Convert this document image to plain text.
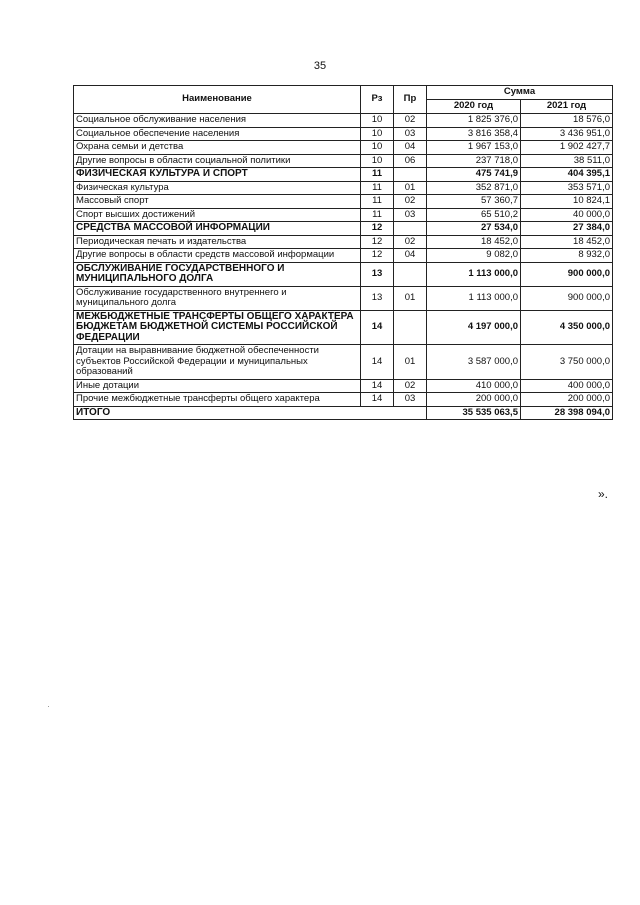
35
Наименование	Рз	Пр	Сумма	
			2020 год	2021 год
Социальное обслуживание населения	10	02	1 825 376,0	18 576,0
Социальное обеспечение населения	10	03	3 816 358,4	3 436 951,0
Охрана семьи и детства	10	04	1 967 153,0	1 902 427,7
Другие вопросы в области социальной политики	10	06	237 718,0	38 511,0
ФИЗИЧЕСКАЯ КУЛЬТУРА И СПОРТ	11		475 741,9	404 395,1
Физическая культура	11	01	352 871,0	353 571,0
Массовый спорт	11	02	57 360,7	10 824,1
Спорт высших достижений	11	03	65 510,2	40 000,0
СРЕДСТВА МАССОВОЙ ИНФОРМАЦИИ	12		27 534,0	27 384,0
Периодическая печать и издательства	12	02	18 452,0	18 452,0
Другие вопросы в области средств массовой информации	12	04	9 082,0	8 932,0
ОБСЛУЖИВАНИЕ ГОСУДАРСТВЕННОГО И МУНИЦИПАЛЬНОГО ДОЛГА	13		1 113 000,0	900 000,0
Обслуживание государственного внутреннего и муниципального долга	13	01	1 113 000,0	900 000,0
МЕЖБЮДЖЕТНЫЕ ТРАНСФЕРТЫ ОБЩЕГО ХАРАКТЕРА БЮДЖЕТАМ БЮДЖЕТНОЙ СИСТЕМЫ РОССИЙСКОЙ ФЕДЕРАЦИИ	14		4 197 000,0	4 350 000,0
Дотации на выравнивание бюджетной обеспеченности субъектов Российской Федерации и муниципальных образований	14	01	3 587 000,0	3 750 000,0
Иные дотации	14	02	410 000,0	400 000,0
Прочие межбюджетные трансферты общего характера	14	03	200 000,0	200 000,0
ИТОГО			35 535 063,5	28 398 094,0
».
